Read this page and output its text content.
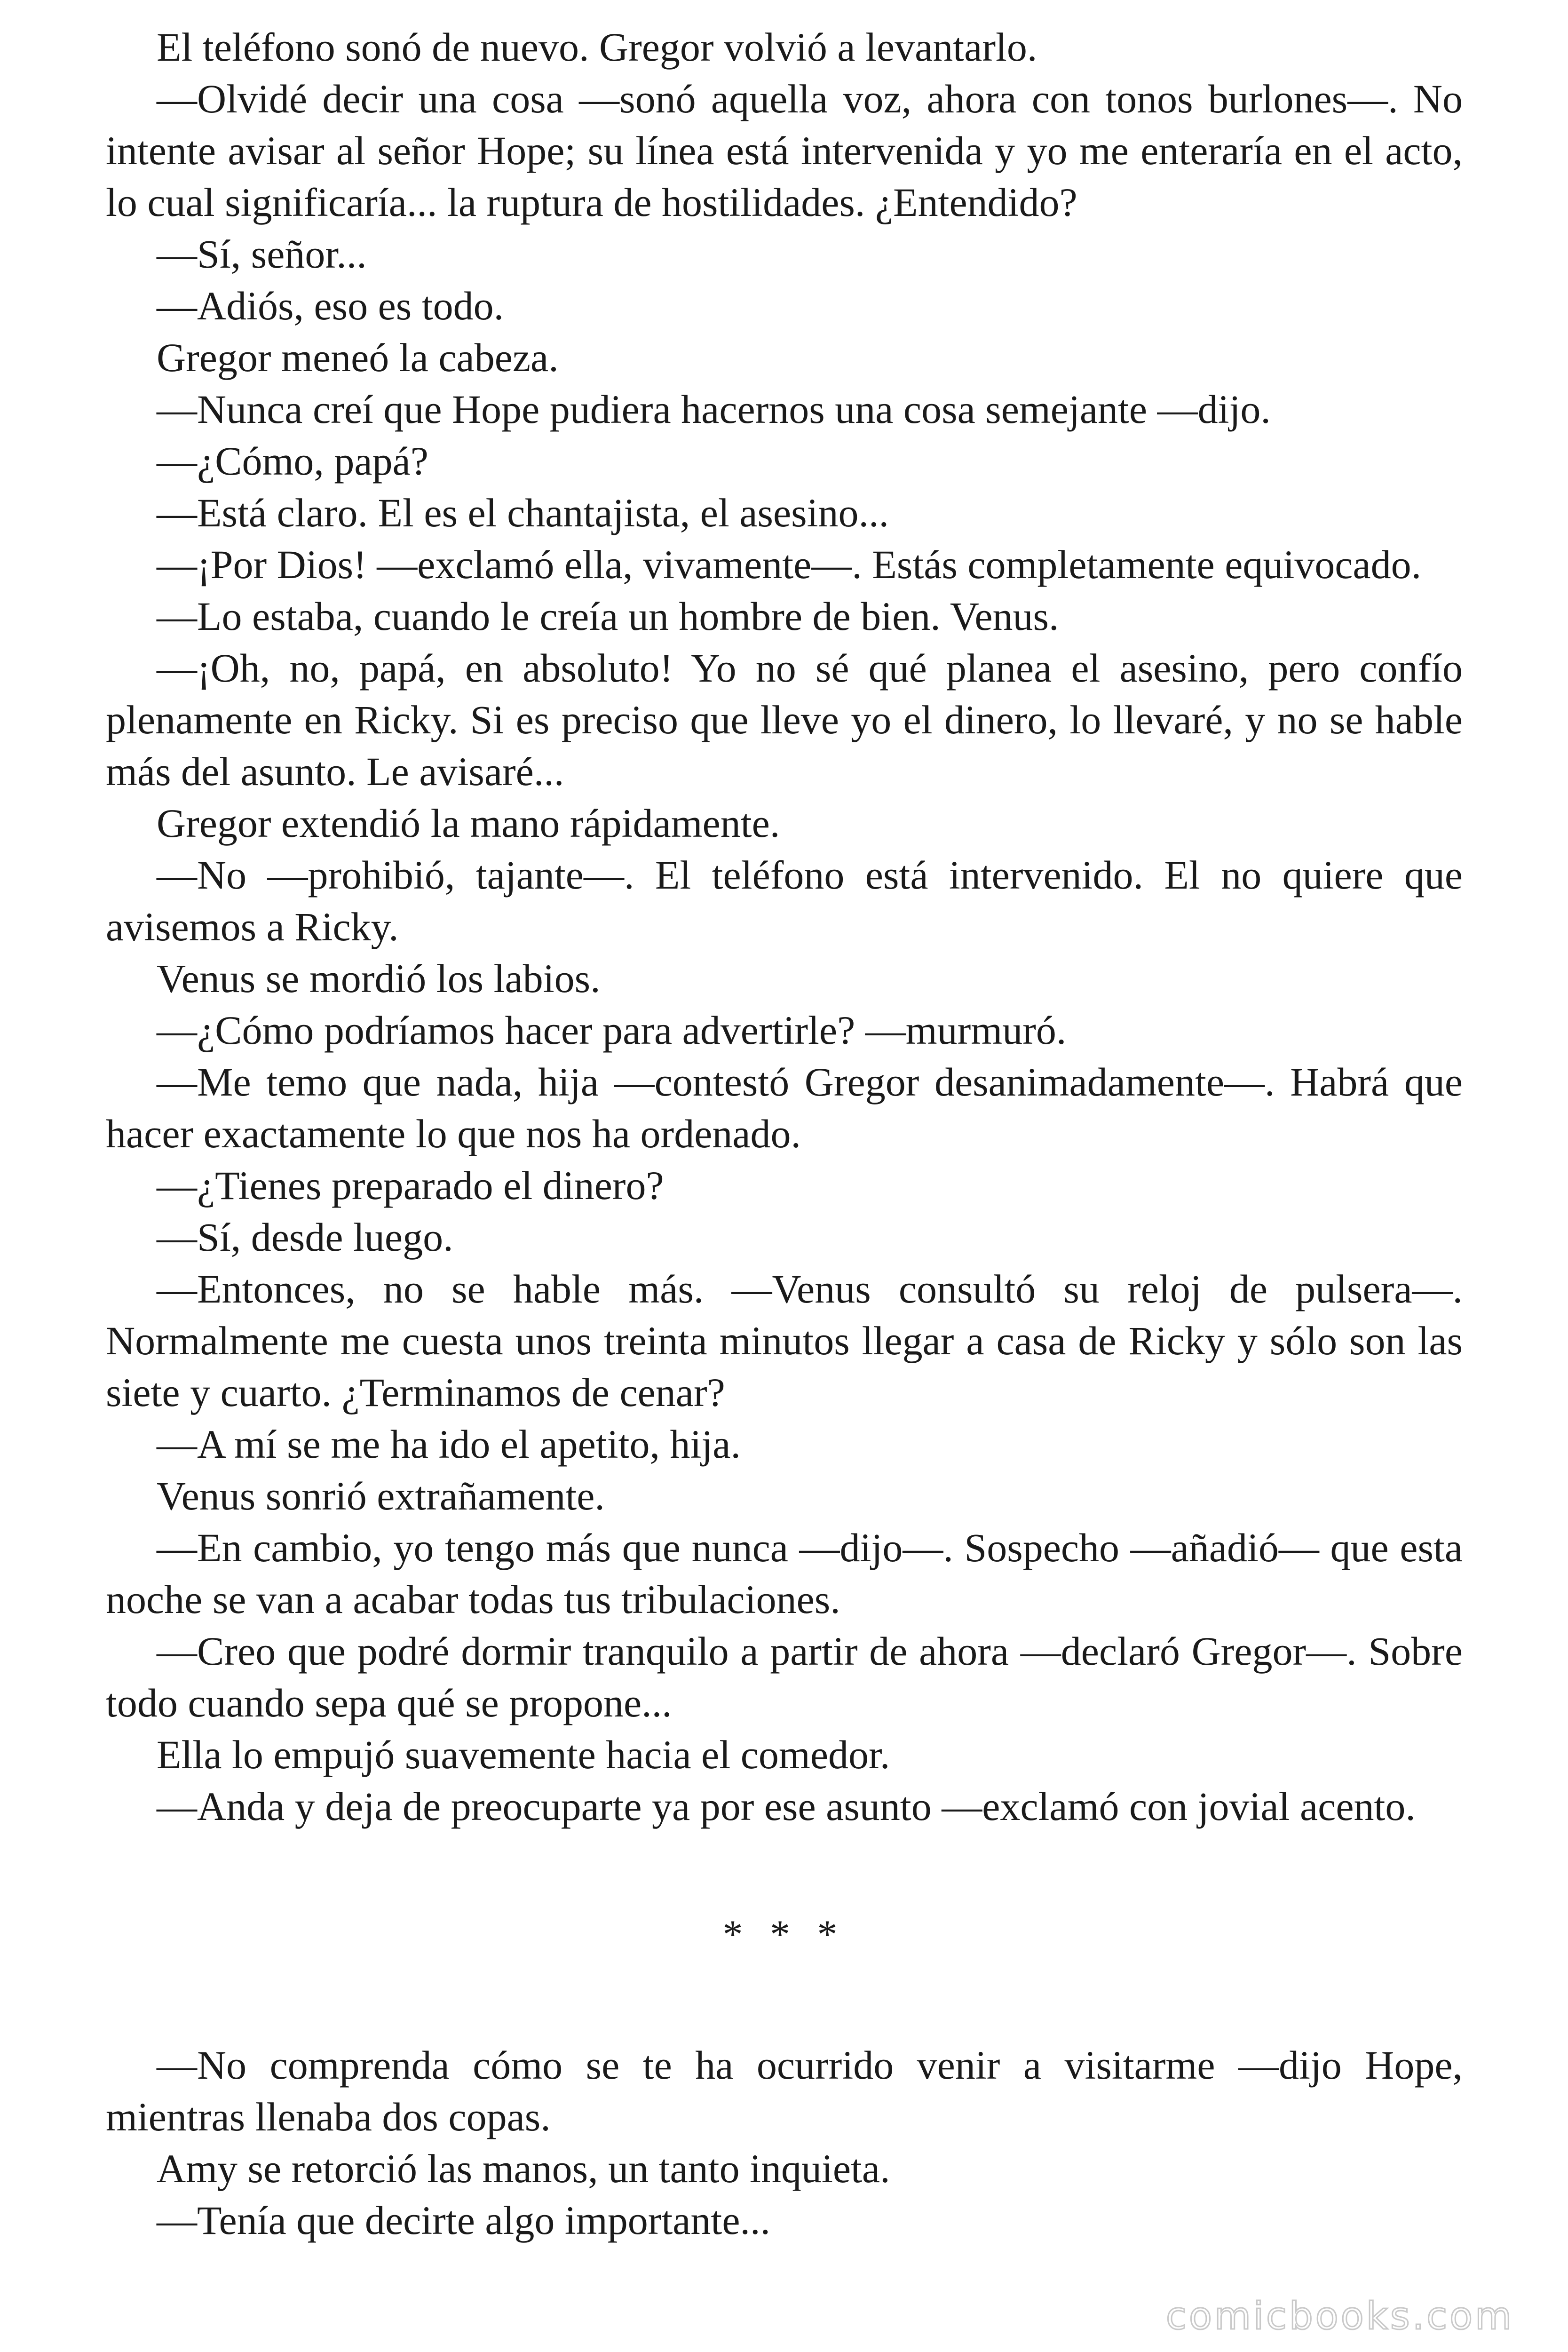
El teléfono sonó de nuevo. Gregor volvió a levantarlo.

—Olvidé decir una cosa —sonó aquella voz, ahora con tonos burlones—. No intente avisar al señor Hope; su línea está intervenida y yo me enteraría en el acto, lo cual significaría... la ruptura de hostilidades. ¿Entendido?

—Sí, señor...

—Adiós, eso es todo.

Gregor meneó la cabeza.

—Nunca creí que Hope pudiera hacernos una cosa semejante —dijo.

—¿Cómo, papá?

—Está claro. El es el chantajista, el asesino...

—¡Por Dios! —exclamó ella, vivamente—. Estás completamente equivocado.

—Lo estaba, cuando le creía un hombre de bien. Venus.

—¡Oh, no, papá, en absoluto! Yo no sé qué planea el asesino, pero confío plenamente en Ricky. Si es preciso que lleve yo el dinero, lo llevaré, y no se hable más del asunto. Le avisaré...

Gregor extendió la mano rápidamente.

—No —prohibió, tajante—. El teléfono está intervenido. El no quiere que avisemos a Ricky.

Venus se mordió los labios.

—¿Cómo podríamos hacer para advertirle? —murmuró.

—Me temo que nada, hija —contestó Gregor desanimadamente—. Habrá que hacer exactamente lo que nos ha ordenado.

—¿Tienes preparado el dinero?

—Sí, desde luego.

—Entonces, no se hable más. —Venus consultó su reloj de pulsera—. Normalmente me cuesta unos treinta minutos llegar a casa de Ricky y sólo son las siete y cuarto. ¿Terminamos de cenar?

—A mí se me ha ido el apetito, hija.

Venus sonrió extrañamente.

—En cambio, yo tengo más que nunca —dijo—. Sospecho —añadió— que esta noche se van a acabar todas tus tribulaciones.

—Creo que podré dormir tranquilo a partir de ahora —declaró Gregor—. Sobre todo cuando sepa qué se propone...

Ella lo empujó suavemente hacia el comedor.

—Anda y deja de preocuparte ya por ese asunto —exclamó con jovial acento.

* * *

—No comprenda cómo se te ha ocurrido venir a visitarme —dijo Hope, mientras llenaba dos copas.

Amy se retorció las manos, un tanto inquieta.

—Tenía que decirte algo importante...

comicbooks.com
